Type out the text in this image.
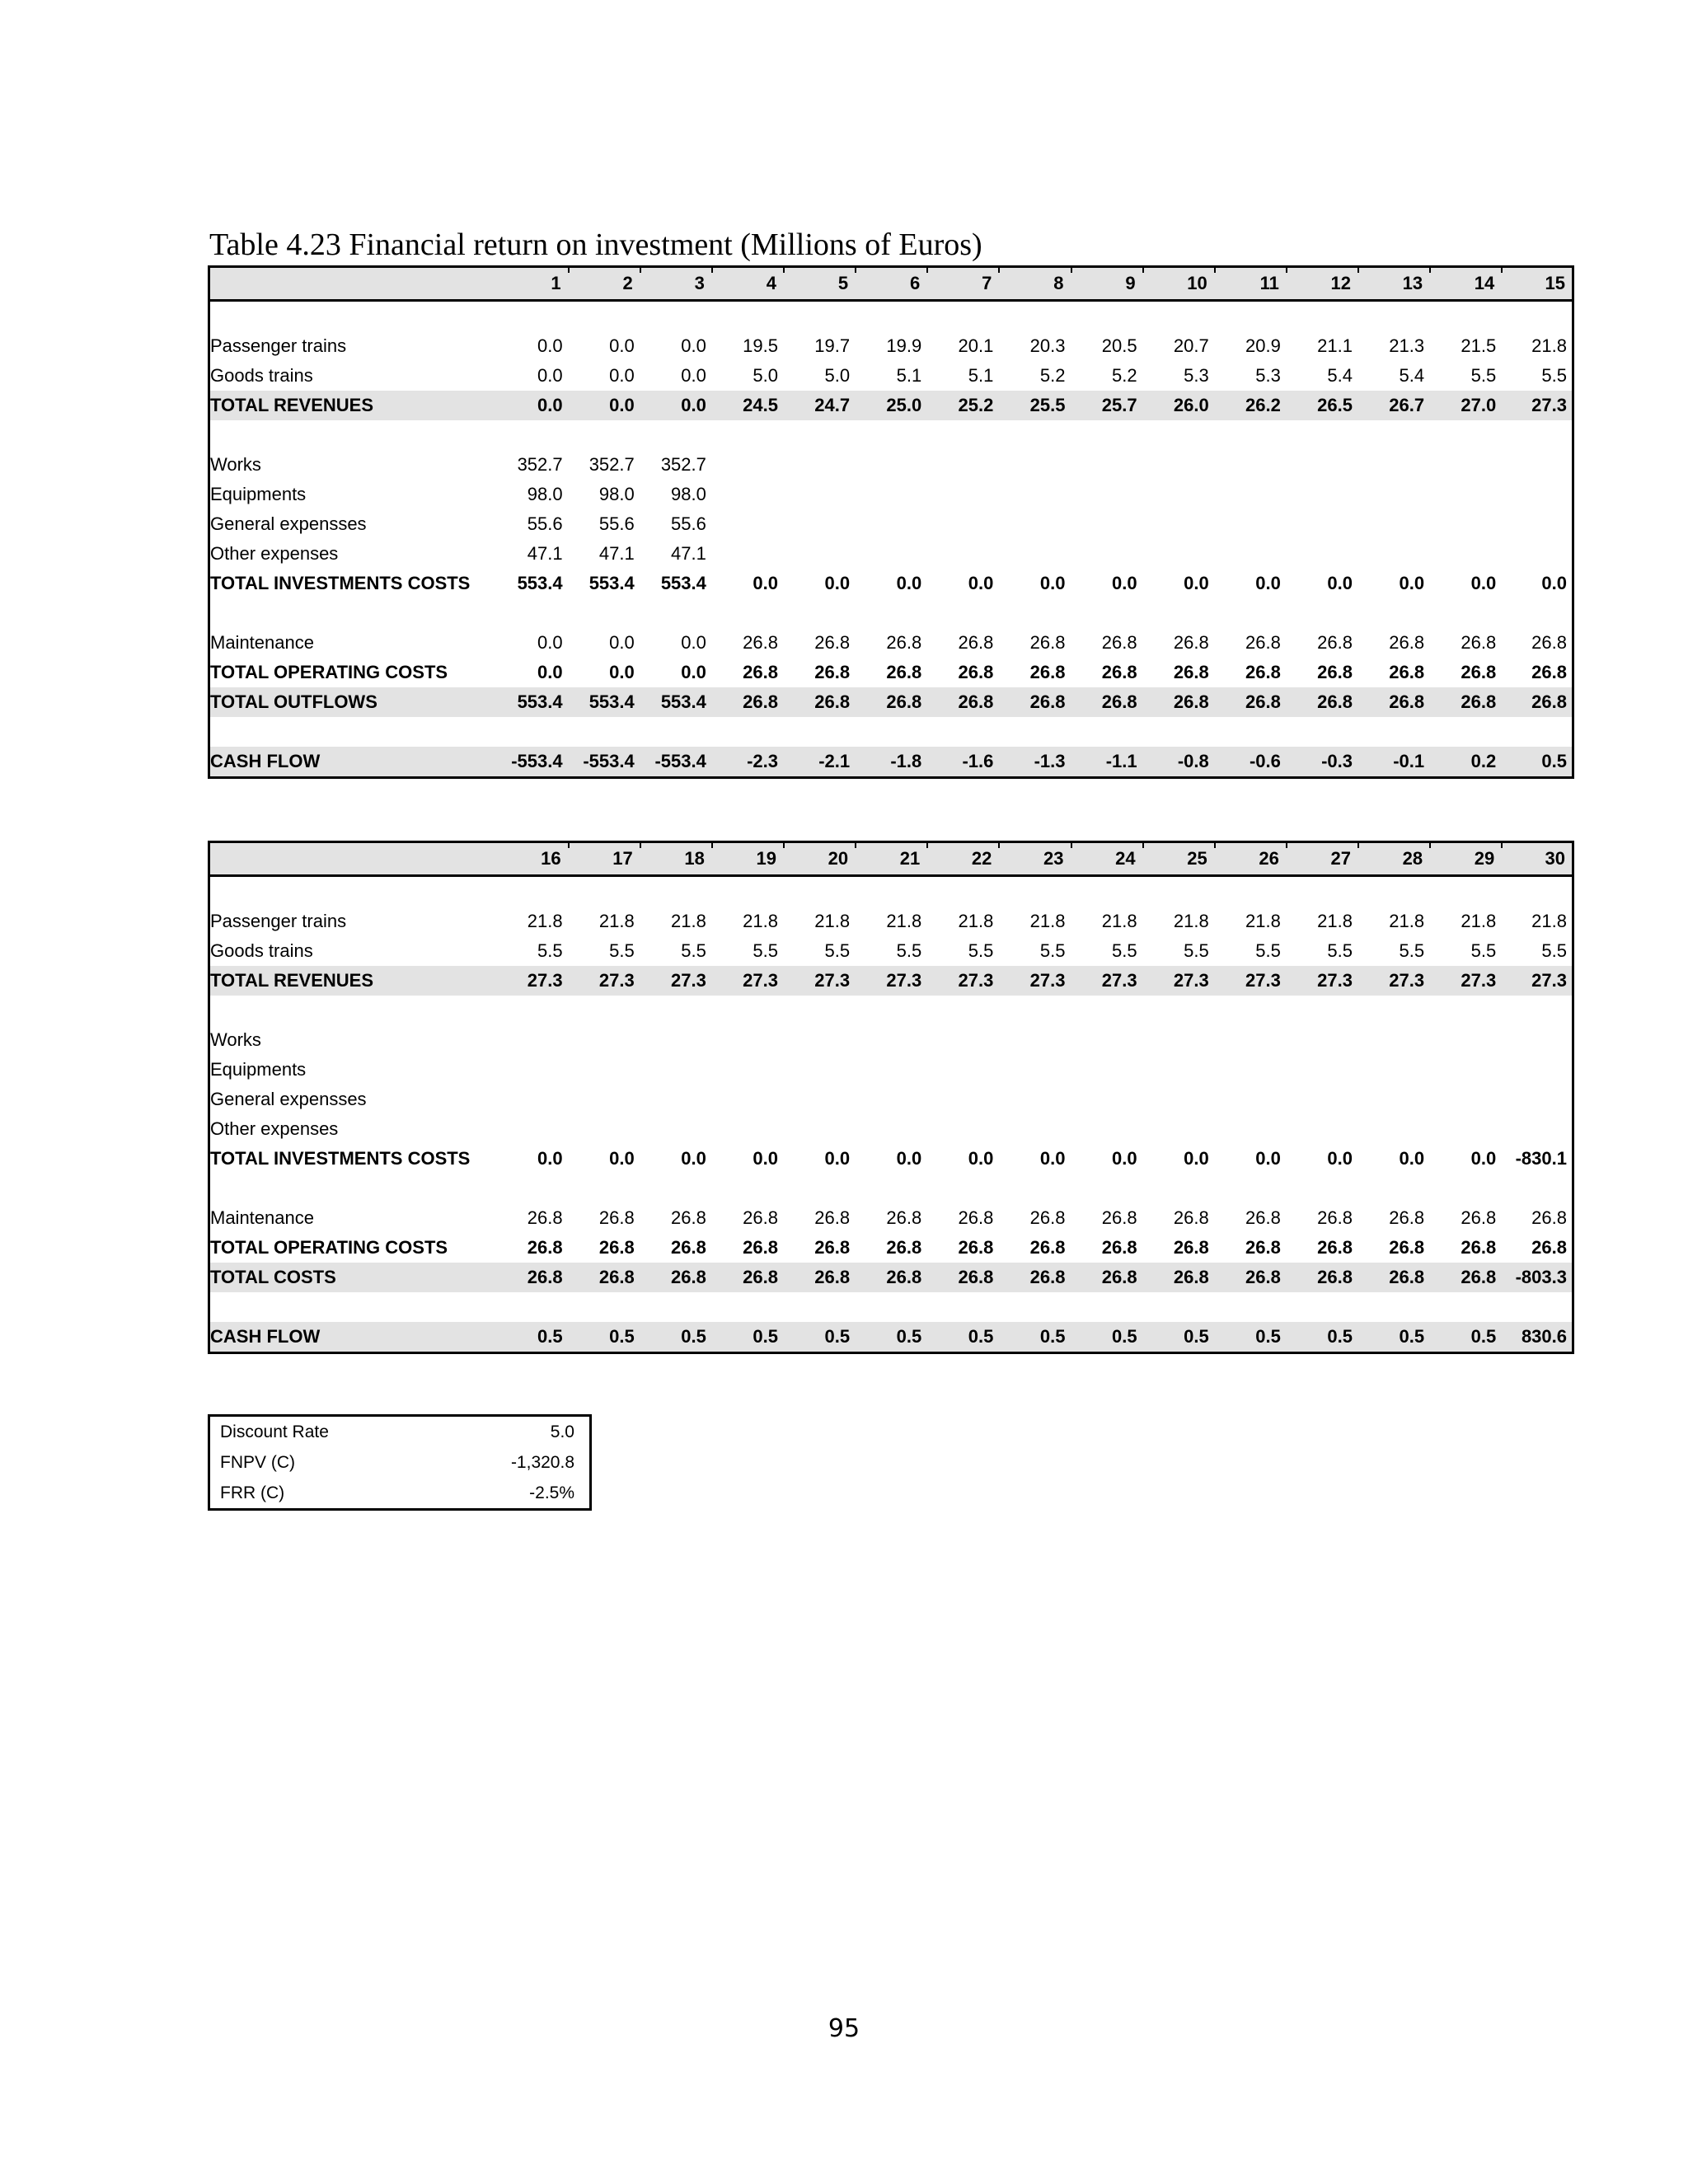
Table 4.23 Financial return on investment (Millions of Euros)
	1	2	3	4	5	6	7	8	9	10	11	12	13	14	15

Passenger trains	0.0	0.0	0.0	19.5	19.7	19.9	20.1	20.3	20.5	20.7	20.9	21.1	21.3	21.5	21.8
Goods trains	0.0	0.0	0.0	5.0	5.0	5.1	5.1	5.2	5.2	5.3	5.3	5.4	5.4	5.5	5.5
TOTAL REVENUES	0.0	0.0	0.0	24.5	24.7	25.0	25.2	25.5	25.7	26.0	26.2	26.5	26.7	27.0	27.3

Works	352.7	352.7	352.7												
Equipments	98.0	98.0	98.0												
General expensses	55.6	55.6	55.6												
Other expenses	47.1	47.1	47.1												
TOTAL INVESTMENTS COSTS	553.4	553.4	553.4	0.0	0.0	0.0	0.0	0.0	0.0	0.0	0.0	0.0	0.0	0.0	0.0

Maintenance	0.0	0.0	0.0	26.8	26.8	26.8	26.8	26.8	26.8	26.8	26.8	26.8	26.8	26.8	26.8
TOTAL OPERATING COSTS	0.0	0.0	0.0	26.8	26.8	26.8	26.8	26.8	26.8	26.8	26.8	26.8	26.8	26.8	26.8
TOTAL OUTFLOWS	553.4	553.4	553.4	26.8	26.8	26.8	26.8	26.8	26.8	26.8	26.8	26.8	26.8	26.8	26.8

CASH FLOW	-553.4	-553.4	-553.4	-2.3	-2.1	-1.8	-1.6	-1.3	-1.1	-0.8	-0.6	-0.3	-0.1	0.2	0.5
	16	17	18	19	20	21	22	23	24	25	26	27	28	29	30

Passenger trains	21.8	21.8	21.8	21.8	21.8	21.8	21.8	21.8	21.8	21.8	21.8	21.8	21.8	21.8	21.8
Goods trains	5.5	5.5	5.5	5.5	5.5	5.5	5.5	5.5	5.5	5.5	5.5	5.5	5.5	5.5	5.5
TOTAL REVENUES	27.3	27.3	27.3	27.3	27.3	27.3	27.3	27.3	27.3	27.3	27.3	27.3	27.3	27.3	27.3

Works															
Equipments															
General expensses															
Other expenses															
TOTAL INVESTMENTS COSTS	0.0	0.0	0.0	0.0	0.0	0.0	0.0	0.0	0.0	0.0	0.0	0.0	0.0	0.0	-830.1

Maintenance	26.8	26.8	26.8	26.8	26.8	26.8	26.8	26.8	26.8	26.8	26.8	26.8	26.8	26.8	26.8
TOTAL OPERATING COSTS	26.8	26.8	26.8	26.8	26.8	26.8	26.8	26.8	26.8	26.8	26.8	26.8	26.8	26.8	26.8
TOTAL COSTS	26.8	26.8	26.8	26.8	26.8	26.8	26.8	26.8	26.8	26.8	26.8	26.8	26.8	26.8	-803.3

CASH FLOW	0.5	0.5	0.5	0.5	0.5	0.5	0.5	0.5	0.5	0.5	0.5	0.5	0.5	0.5	830.6
Discount Rate	5.0
FNPV (C)	-1,320.8
FRR (C)	-2.5%
95
